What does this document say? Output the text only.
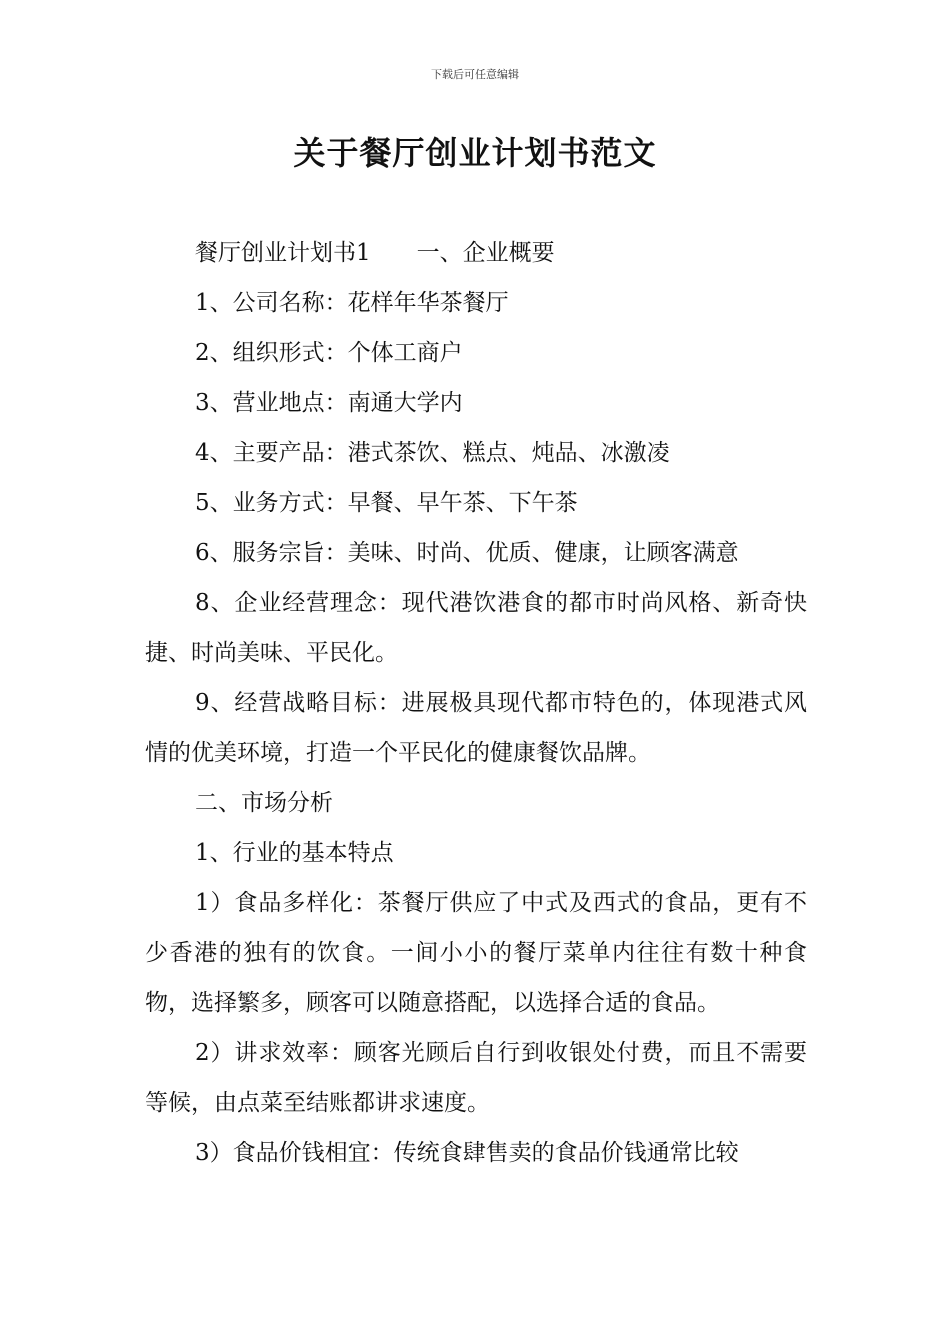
下载后可任意编辑
关于餐厅创业计划书范文

餐厅创业计划书1 一、企业概要

1、公司名称：花样年华茶餐厅

2、组织形式：个体工商户

3、营业地点：南通大学内

4、主要产品：港式茶饮、糕点、炖品、冰激凌

5、业务方式：早餐、早午茶、下午茶

6、服务宗旨：美味、时尚、优质、健康，让顾客满意

8、企业经营理念：现代港饮港食的都市时尚风格、新奇快捷、时尚美味、平民化。

9、经营战略目标：进展极具现代都市特色的，体现港式风情的优美环境，打造一个平民化的健康餐饮品牌。

二、市场分析

1、行业的基本特点

1）食品多样化：茶餐厅供应了中式及西式的食品，更有不少香港的独有的饮食。一间小小的餐厅菜单内往往有数十种食物，选择繁多，顾客可以随意搭配，以选择合适的食品。

2）讲求效率：顾客光顾后自行到收银处付费，而且不需要等候，由点菜至结账都讲求速度。

3）食品价钱相宜：传统食肆售卖的食品价钱通常比较
